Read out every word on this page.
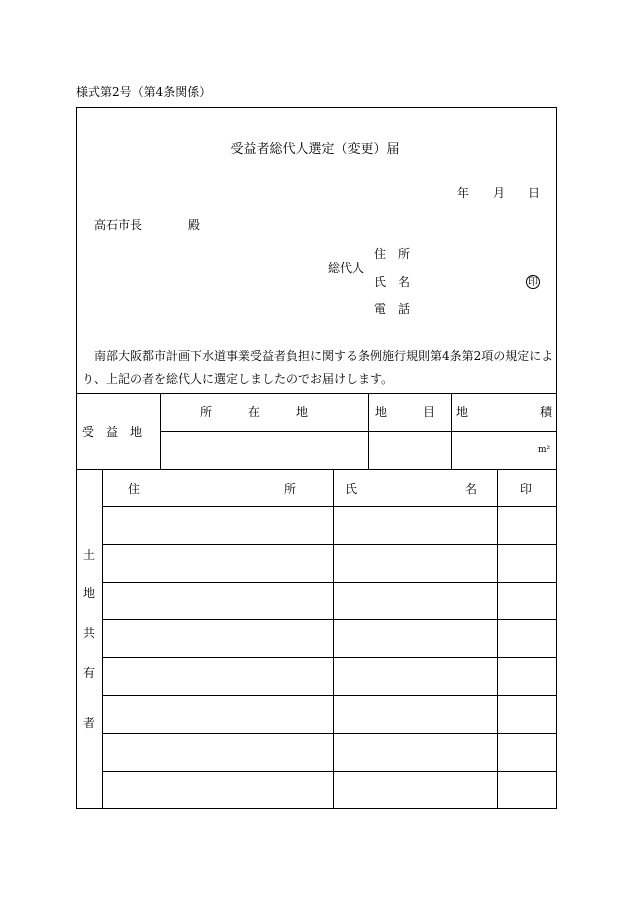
様式第2号（第4条関係）
受益者総代人選定（変更）届
年 月 日
高石市長	殿
総代人
住　所
氏　名
電　話
印
南部大阪都市計画下水道事業受益者負担に関する条例施行規則第4条第2項の規定によ
り、上記の者を総代人に選定しましたのでお届けします。
受　益　地
所　　　在　　　地	地　　　目 地　　　　　　積
m²
土
地
共
有
者
住　　　　　　　　　　　　所	氏　　　　　　　　　名	印
